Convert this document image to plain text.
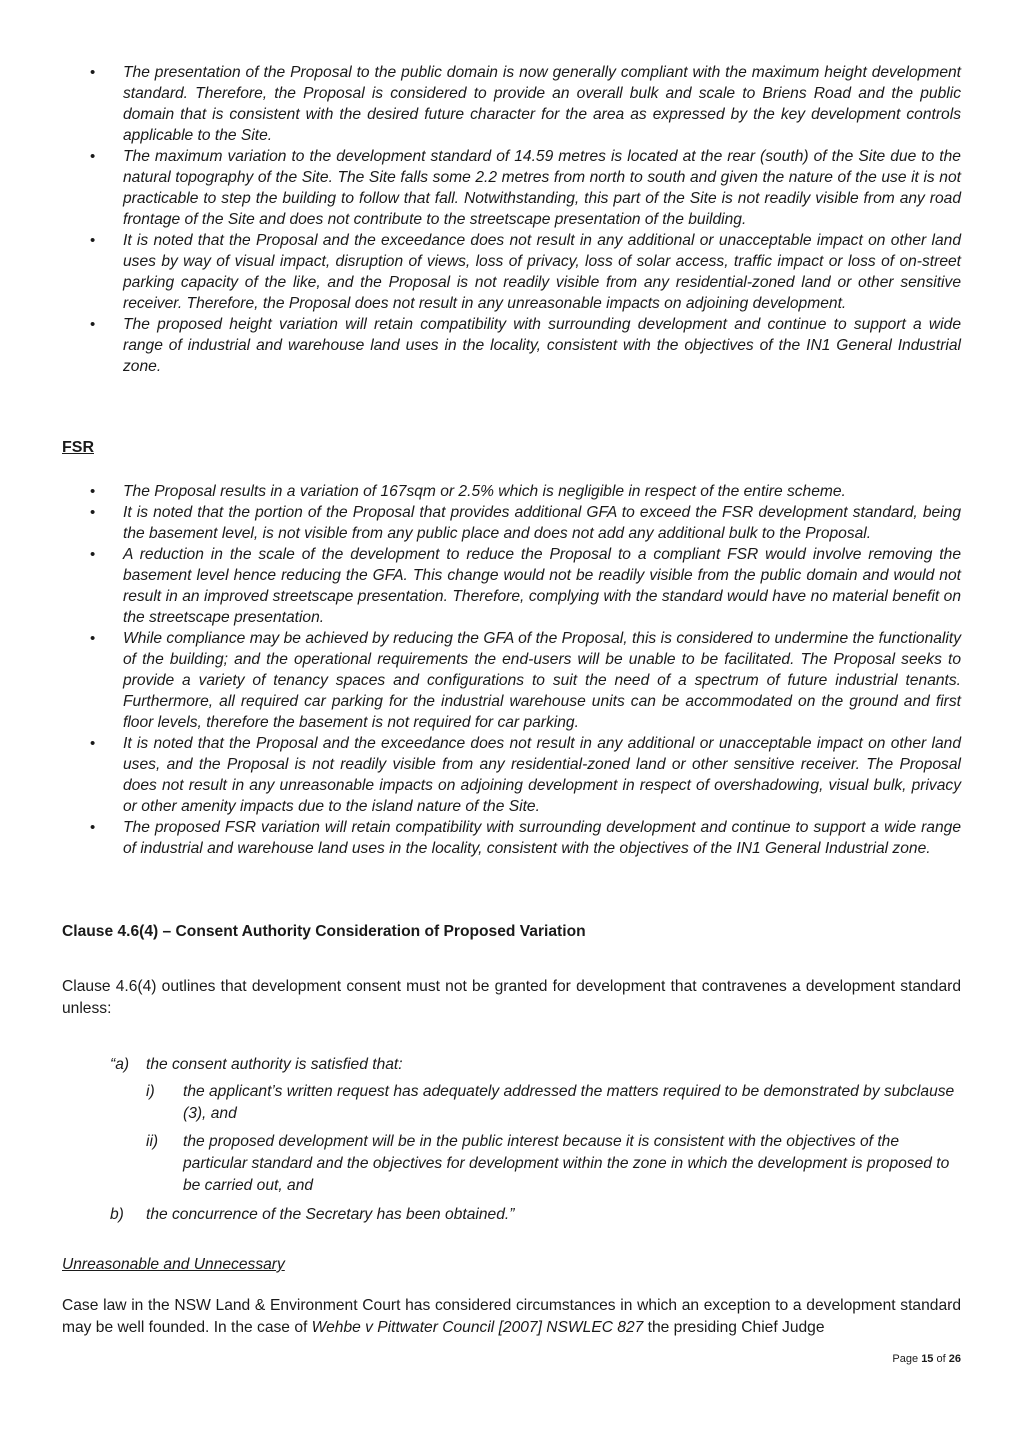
• The presentation of the Proposal to the public domain is now generally compliant with the maximum height development standard. Therefore, the Proposal is considered to provide an overall bulk and scale to Briens Road and the public domain that is consistent with the desired future character for the area as expressed by the key development controls applicable to the Site.
• The maximum variation to the development standard of 14.59 metres is located at the rear (south) of the Site due to the natural topography of the Site. The Site falls some 2.2 metres from north to south and given the nature of the use it is not practicable to step the building to follow that fall. Notwithstanding, this part of the Site is not readily visible from any road frontage of the Site and does not contribute to the streetscape presentation of the building.
• It is noted that the Proposal and the exceedance does not result in any additional or unacceptable impact on other land uses by way of visual impact, disruption of views, loss of privacy, loss of solar access, traffic impact or loss of on-street parking capacity of the like, and the Proposal is not readily visible from any residential-zoned land or other sensitive receiver. Therefore, the Proposal does not result in any unreasonable impacts on adjoining development.
• The proposed height variation will retain compatibility with surrounding development and continue to support a wide range of industrial and warehouse land uses in the locality, consistent with the objectives of the IN1 General Industrial zone.
FSR
• The Proposal results in a variation of 167sqm or 2.5% which is negligible in respect of the entire scheme.
• It is noted that the portion of the Proposal that provides additional GFA to exceed the FSR development standard, being the basement level, is not visible from any public place and does not add any additional bulk to the Proposal.
• A reduction in the scale of the development to reduce the Proposal to a compliant FSR would involve removing the basement level hence reducing the GFA. This change would not be readily visible from the public domain and would not result in an improved streetscape presentation. Therefore, complying with the standard would have no material benefit on the streetscape presentation.
• While compliance may be achieved by reducing the GFA of the Proposal, this is considered to undermine the functionality of the building; and the operational requirements the end-users will be unable to be facilitated. The Proposal seeks to provide a variety of tenancy spaces and configurations to suit the need of a spectrum of future industrial tenants. Furthermore, all required car parking for the industrial warehouse units can be accommodated on the ground and first floor levels, therefore the basement is not required for car parking.
• It is noted that the Proposal and the exceedance does not result in any additional or unacceptable impact on other land uses, and the Proposal is not readily visible from any residential-zoned land or other sensitive receiver. The Proposal does not result in any unreasonable impacts on adjoining development in respect of overshadowing, visual bulk, privacy or other amenity impacts due to the island nature of the Site.
• The proposed FSR variation will retain compatibility with surrounding development and continue to support a wide range of industrial and warehouse land uses in the locality, consistent with the objectives of the IN1 General Industrial zone.
Clause 4.6(4) – Consent Authority Consideration of Proposed Variation

Clause 4.6(4) outlines that development consent must not be granted for development that contravenes a development standard unless:

“a) the consent authority is satisfied that:
i) the applicant’s written request has adequately addressed the matters required to be demonstrated by subclause (3), and
ii) the proposed development will be in the public interest because it is consistent with the objectives of the particular standard and the objectives for development within the zone in which the development is proposed to be carried out, and
b) the concurrence of the Secretary has been obtained.”
Unreasonable and Unnecessary

Case law in the NSW Land & Environment Court has considered circumstances in which an exception to a development standard may be well founded. In the case of Wehbe v Pittwater Council [2007] NSWLEC 827 the presiding Chief Judge

Page 15 of 26
